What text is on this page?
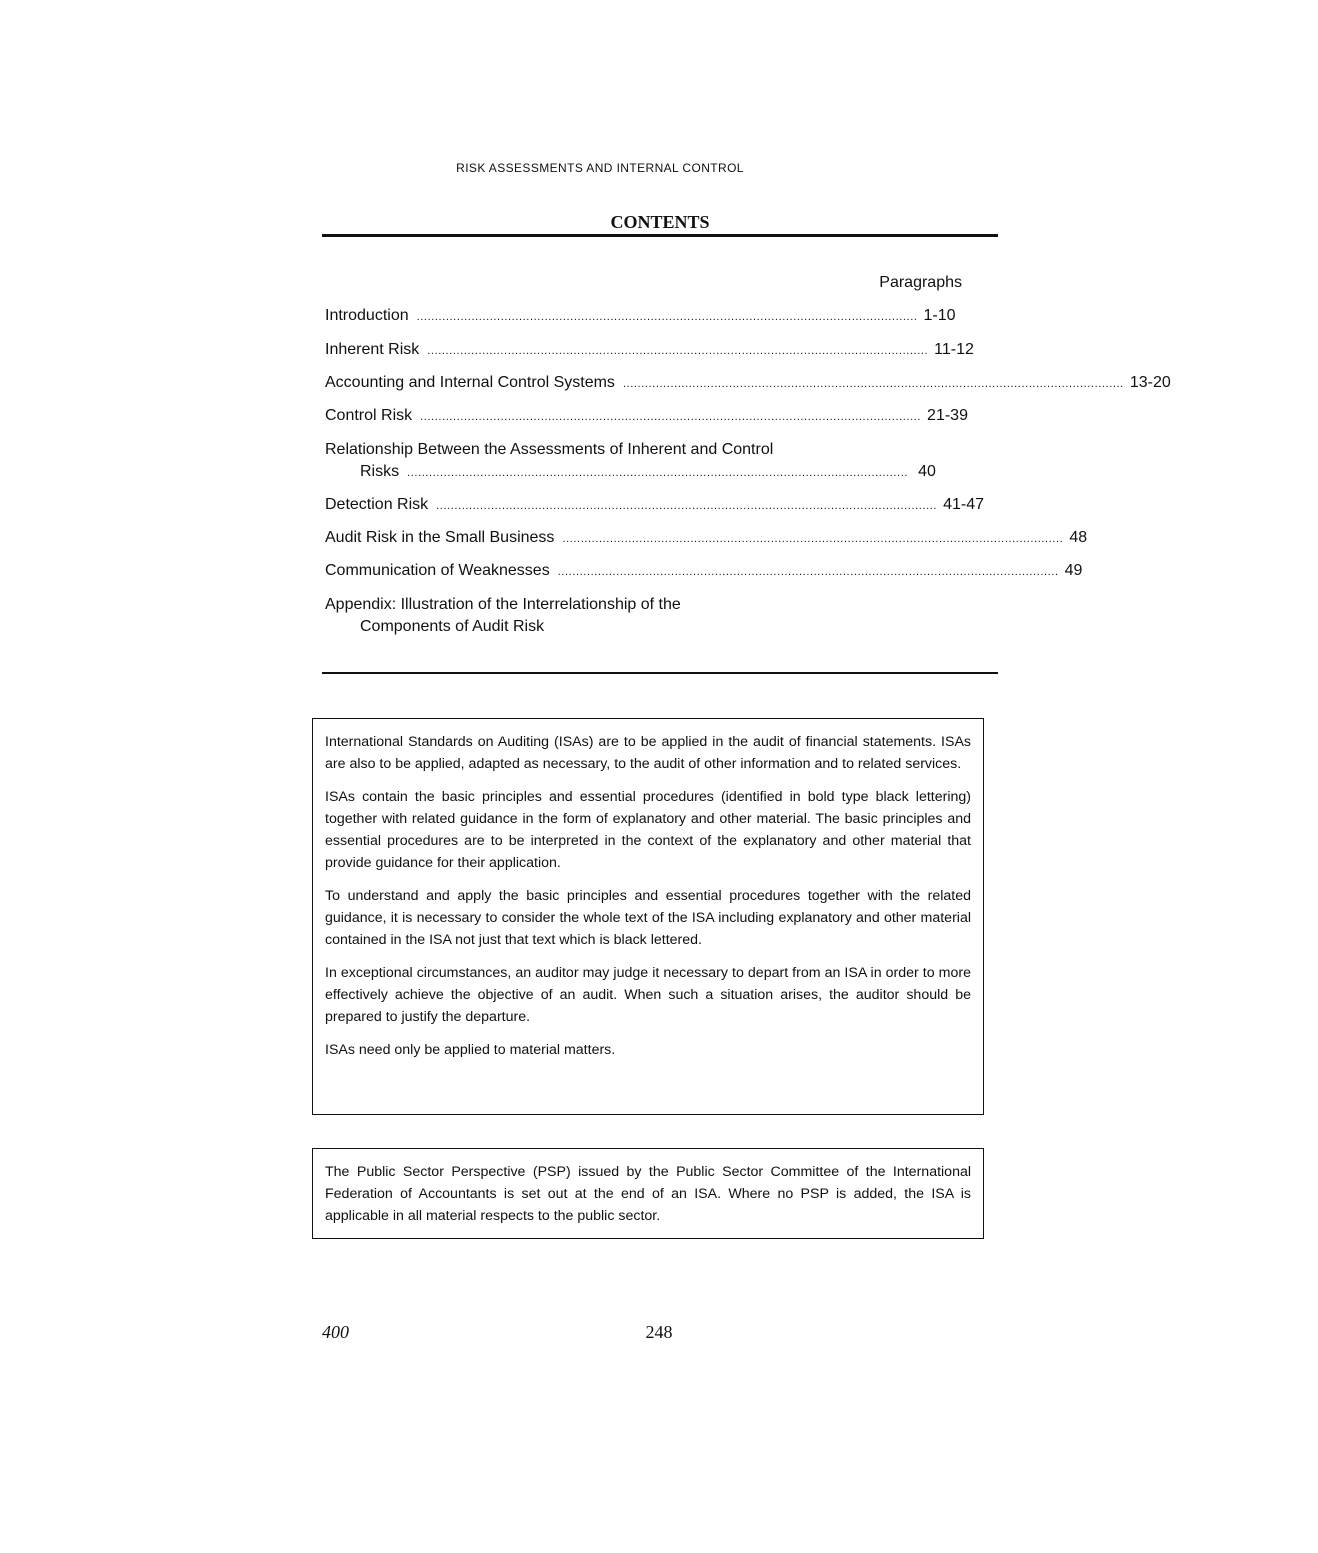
RISK ASSESSMENTS AND INTERNAL CONTROL
CONTENTS
Paragraphs
Introduction ......................................................................................................................................... 1-10
Inherent Risk ......................................................................................................................................... 11-12
Accounting and Internal Control Systems ......................................................................................................................................... 13-20
Control Risk ......................................................................................................................................... 21-39
Relationship Between the Assessments of Inherent and Control
Risks ......................................................................................................................................... 40
Detection Risk ......................................................................................................................................... 41-47
Audit Risk in the Small Business ......................................................................................................................................... 48
Communication of Weaknesses ......................................................................................................................................... 49
Appendix: Illustration of the Interrelationship of the
Components of Audit Risk

International Standards on Auditing (ISAs) are to be applied in the audit of financial statements. ISAs are also to be applied, adapted as necessary, to the audit of other information and to related services.

ISAs contain the basic principles and essential procedures (identified in bold type black lettering) together with related guidance in the form of explanatory and other material. The basic principles and essential procedures are to be interpreted in the context of the explanatory and other material that provide guidance for their application.

To understand and apply the basic principles and essential procedures together with the related guidance, it is necessary to consider the whole text of the ISA including explanatory and other material contained in the ISA not just that text which is black lettered.

In exceptional circumstances, an auditor may judge it necessary to depart from an ISA in order to more effectively achieve the objective of an audit. When such a situation arises, the auditor should be prepared to justify the departure.

ISAs need only be applied to material matters.

The Public Sector Perspective (PSP) issued by the Public Sector Committee of the International Federation of Accountants is set out at the end of an ISA. Where no PSP is added, the ISA is applicable in all material respects to the public sector.

400	248
